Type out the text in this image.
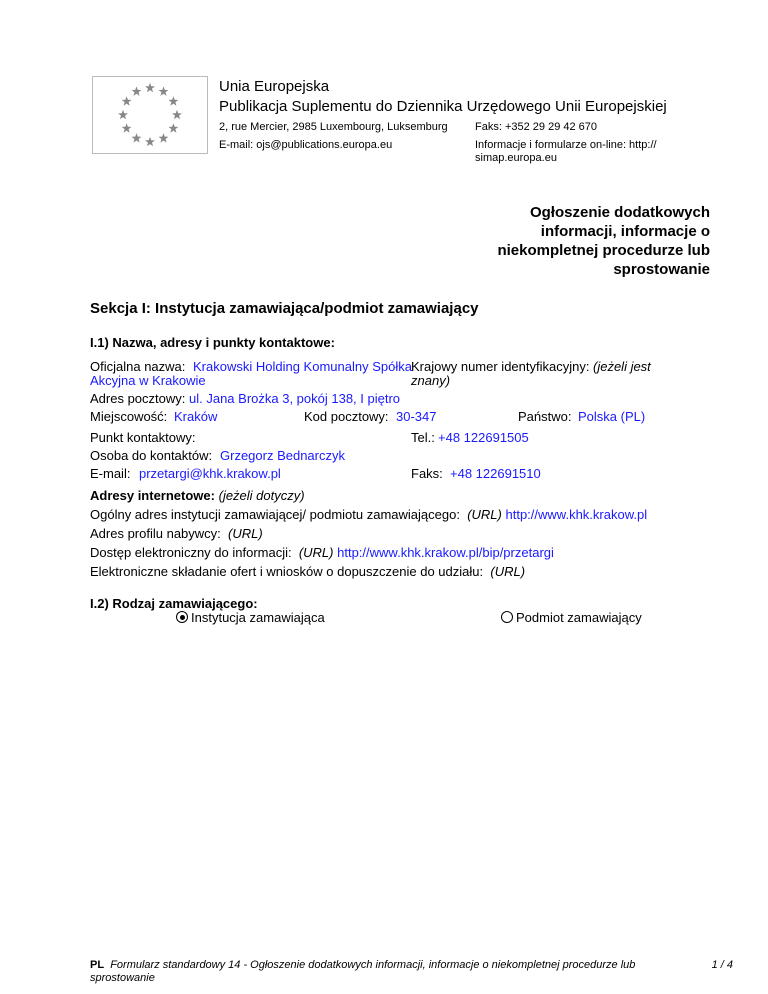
Unia Europejska
Publikacja Suplementu do Dziennika Urzędowego Unii Europejskiej
2, rue Mercier, 2985 Luxembourg, Luksemburg Faks: +352 29 29 42 670
E-mail: ojs@publications.europa.eu	Informacje i formularze on-line: http://
simap.europa.eu
Ogłoszenie dodatkowych
informacji, informacje o
niekompletnej procedurze lub
sprostowanie
Sekcja I: Instytucja zamawiająca/podmiot zamawiający
I.1) Nazwa, adresy i punkty kontaktowe:
Oficjalna nazwa: Krakowski Holding Komunalny Spółka
Akcyjna w Krakowie
Krajowy numer identyfikacyjny: (jeżeli jest
znany)
Adres pocztowy: ul. Jana Brożka 3, pokój 138, I piętro
Miejscowość: Kraków	Kod pocztowy: 30-347	Państwo: Polska (PL)
Punkt kontaktowy:	Tel.: +48 122691505
Osoba do kontaktów: Grzegorz Bednarczyk
E-mail: przetargi@khk.krakow.pl	Faks: +48 122691510
Adresy internetowe: (jeżeli dotyczy)
Ogólny adres instytucji zamawiającej/ podmiotu zamawiającego: (URL) http://www.khk.krakow.pl
Adres profilu nabywcy: (URL)
Dostęp elektroniczny do informacji: (URL) http://www.khk.krakow.pl/bip/przetargi
Elektroniczne składanie ofert i wniosków o dopuszczenie do udziału: (URL)
I.2) Rodzaj zamawiającego:
Instytucja zamawiająca	Podmiot zamawiający
PL Formularz standardowy 14 - Ogłoszenie dodatkowych informacji, informacje o niekompletnej procedurze lub sprostowanie
1 / 4
